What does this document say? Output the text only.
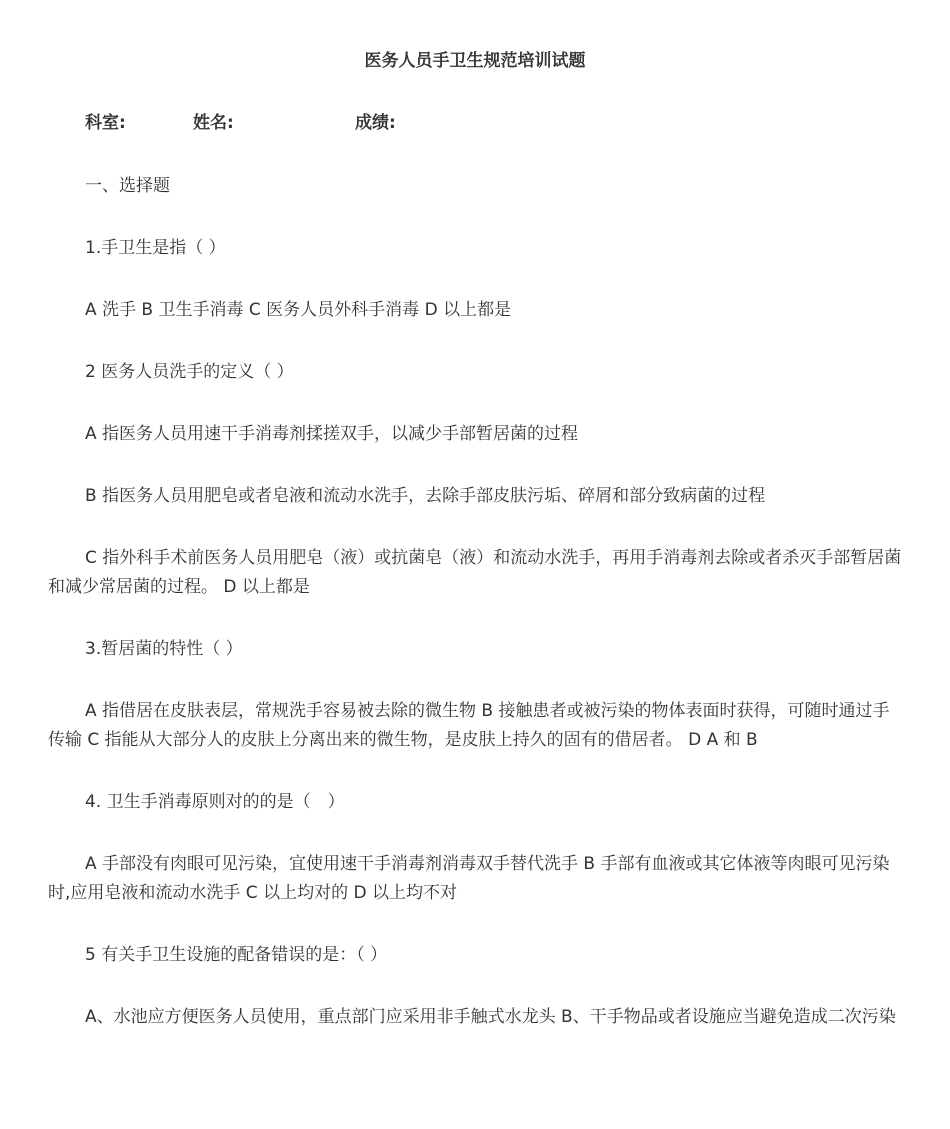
医务人员手卫生规范培训试题
科室:	姓名:	成绩:

一、选择题

1.手卫生是指（ ）

A 洗手 B 卫生手消毒 C 医务人员外科手消毒 D 以上都是

2 医务人员洗手的定义（ ）

A 指医务人员用速干手消毒剂揉搓双手，以减少手部暂居菌的过程

B 指医务人员用肥皂或者皂液和流动水洗手，去除手部皮肤污垢、碎屑和部分致病菌的过程

C 指外科手术前医务人员用肥皂（液）或抗菌皂（液）和流动水洗手，再用手消毒剂去除或者杀灭手部暂居菌和减少常居菌的过程。 D 以上都是

3.暂居菌的特性（ ）

A 指借居在皮肤表层，常规洗手容易被去除的微生物 B 接触患者或被污染的物体表面时获得，可随时通过手传输 C 指能从大部分人的皮肤上分离出来的微生物，是皮肤上持久的固有的借居者。 D A 和 B

4. 卫生手消毒原则对的的是（　）

A 手部没有肉眼可见污染，宜使用速干手消毒剂消毒双手替代洗手 B 手部有血液或其它体液等肉眼可见污染时,应用皂液和流动水洗手 C 以上均对的 D 以上均不对

5 有关手卫生设施的配备错误的是：（ ）

A、水池应方便医务人员使用，重点部门应采用非手触式水龙头 B、干手物品或者设施应当避免造成二次污染
